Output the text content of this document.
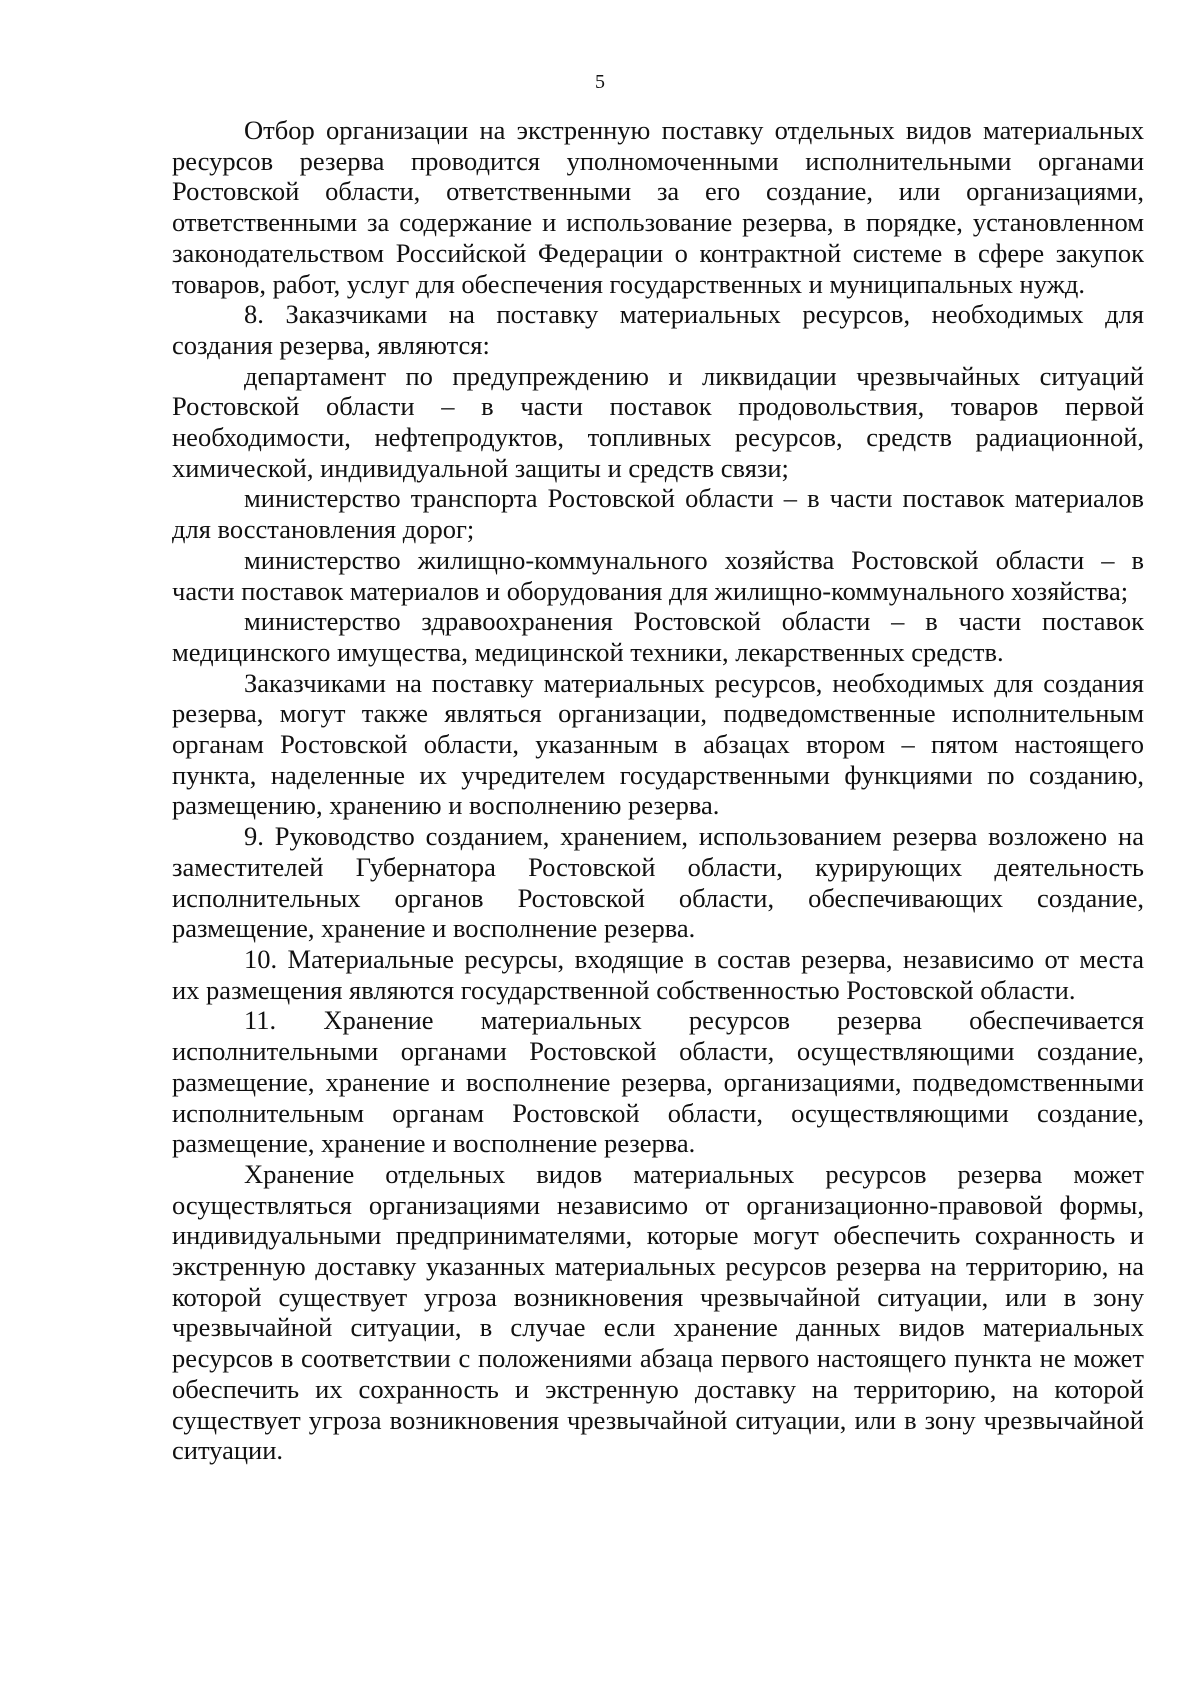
5

Отбор организации на экстренную поставку отдельных видов материальных ресурсов резерва проводится уполномоченными исполнительными органами Ростовской области, ответственными за его создание, или организациями, ответственными за содержание и использование резерва, в порядке, установленном законодательством Российской Федерации о контрактной системе в сфере закупок товаров, работ, услуг для обеспечения государственных и муниципальных нужд.

8. Заказчиками на поставку материальных ресурсов, необходимых для создания резерва, являются:

департамент по предупреждению и ликвидации чрезвычайных ситуаций Ростовской области – в части поставок продовольствия, товаров первой необходимости, нефтепродуктов, топливных ресурсов, средств радиационной, химической, индивидуальной защиты и средств связи;

министерство транспорта Ростовской области – в части поставок материалов для восстановления дорог;

министерство жилищно-коммунального хозяйства Ростовской области – в части поставок материалов и оборудования для жилищно-коммунального хозяйства;

министерство здравоохранения Ростовской области – в части поставок медицинского имущества, медицинской техники, лекарственных средств.

Заказчиками на поставку материальных ресурсов, необходимых для создания резерва, могут также являться организации, подведомственные исполнительным органам Ростовской области, указанным в абзацах втором – пятом настоящего пункта, наделенные их учредителем государственными функциями по созданию, размещению, хранению и восполнению резерва.

9. Руководство созданием, хранением, использованием резерва возложено на заместителей Губернатора Ростовской области, курирующих деятельность исполнительных органов Ростовской области, обеспечивающих создание, размещение, хранение и восполнение резерва.

10. Материальные ресурсы, входящие в состав резерва, независимо от места их размещения являются государственной собственностью Ростовской области.

11. Хранение материальных ресурсов резерва обеспечивается исполнительными органами Ростовской области, осуществляющими создание, размещение, хранение и восполнение резерва, организациями, подведомственными исполнительным органам Ростовской области, осуществляющими создание, размещение, хранение и восполнение резерва.

Хранение отдельных видов материальных ресурсов резерва может осуществляться организациями независимо от организационно-правовой формы, индивидуальными предпринимателями, которые могут обеспечить сохранность и экстренную доставку указанных материальных ресурсов резерва на территорию, на которой существует угроза возникновения чрезвычайной ситуации, или в зону чрезвычайной ситуации, в случае если хранение данных видов материальных ресурсов в соответствии с положениями абзаца первого настоящего пункта не может обеспечить их сохранность и экстренную доставку на территорию, на которой существует угроза возникновения чрезвычайной ситуации, или в зону чрезвычайной ситуации.
